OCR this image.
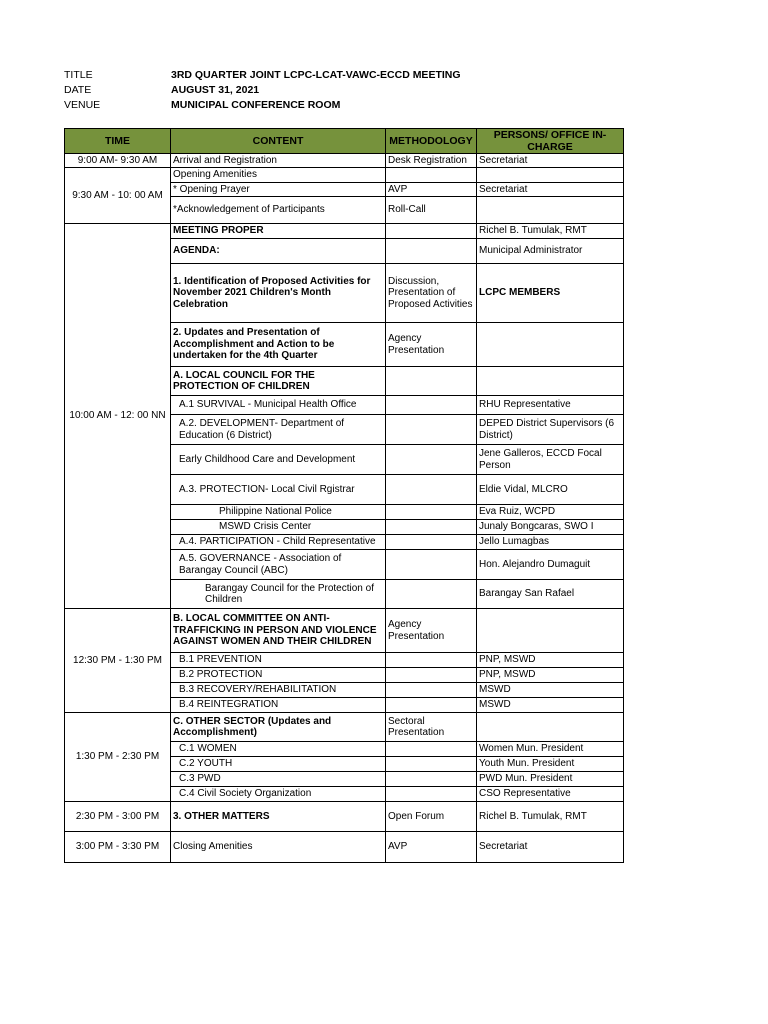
TITLE	3RD QUARTER JOINT LCPC-LCAT-VAWC-ECCD MEETING
DATE	AUGUST 31, 2021
VENUE	MUNICIPAL CONFERENCE ROOM
TIME	CONTENT	METHODOLOGY	PERSONS/ OFFICE IN-CHARGE
9:00 AM- 9:30 AM	Arrival and Registration	Desk Registration	Secretariat
9:30 AM - 10: 00 AM	Opening Amenities		
	* Opening Prayer	AVP	Secretariat
	*Acknowledgement of Participants	Roll-Call	
10:00 AM - 12: 00 NN	MEETING PROPER		Richel B. Tumulak, RMT
	AGENDA:		Municipal Administrator
	1. Identification of Proposed Activities for November 2021 Children's Month Celebration	Discussion, Presentation of Proposed Activities	LCPC MEMBERS
	2. Updates and Presentation of Accomplishment and Action to be undertaken for the 4th Quarter	Agency Presentation	
	A. LOCAL COUNCIL FOR THE PROTECTION OF CHILDREN		
	A.1 SURVIVAL - Municipal Health Office		RHU Representative
	A.2. DEVELOPMENT- Department of Education (6 District)		DEPED District Supervisors (6 District)
	Early Childhood Care and Development		Jene Galleros, ECCD Focal Person
	A.3. PROTECTION- Local Civil Rgistrar		Eldie Vidal, MLCRO
	Philippine National Police		Eva Ruiz, WCPD
	MSWD Crisis Center		Junaly Bongcaras, SWO I
	A.4. PARTICIPATION - Child Representative		Jello Lumagbas
	A.5. GOVERNANCE - Association of Barangay Council (ABC)		Hon. Alejandro Dumaguit
	Barangay Council for the Protection of Children		Barangay San Rafael
12:30 PM - 1:30 PM	B. LOCAL COMMITTEE ON ANTI-TRAFFICKING IN PERSON AND VIOLENCE AGAINST WOMEN AND THEIR CHILDREN	Agency Presentation	
	B.1 PREVENTION		PNP, MSWD
	B.2 PROTECTION		PNP, MSWD
	B.3 RECOVERY/REHABILITATION		MSWD
	B.4 REINTEGRATION		MSWD
1:30 PM - 2:30 PM	C. OTHER SECTOR (Updates and Accomplishment)	Sectoral Presentation	
	C.1 WOMEN		Women Mun. President
	C.2 YOUTH		Youth Mun. President
	C.3 PWD		PWD Mun. President
	C.4 Civil Society Organization		CSO Representative
2:30 PM - 3:00 PM	3. OTHER MATTERS	Open Forum	Richel B. Tumulak, RMT
3:00 PM - 3:30 PM	Closing Amenities	AVP	Secretariat
